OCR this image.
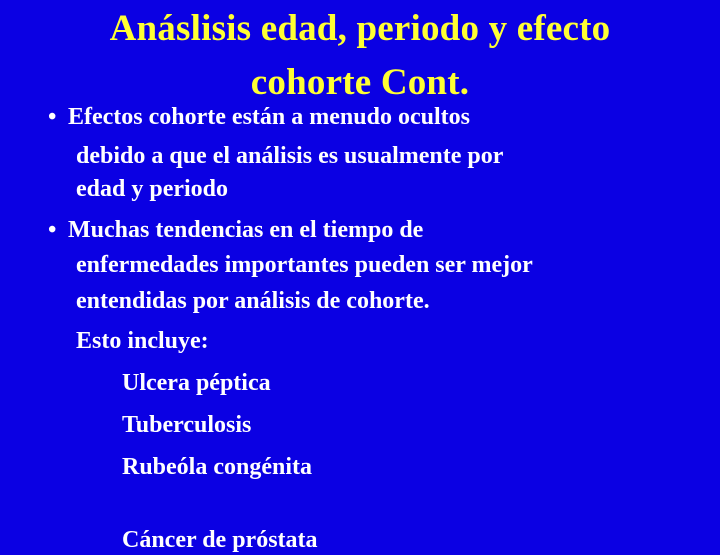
Anáslisis edad, periodo y efecto
cohorte Cont.
• Efectos cohorte están a menudo ocultos
debido a que el análisis es usualmente por
edad y periodo
• Muchas tendencias en el tiempo de
enfermedades importantes pueden ser mejor
entendidas por análisis de cohorte.
Esto incluye:
Ulcera péptica
Tuberculosis
Rubeóla congénita
Cáncer de próstata
